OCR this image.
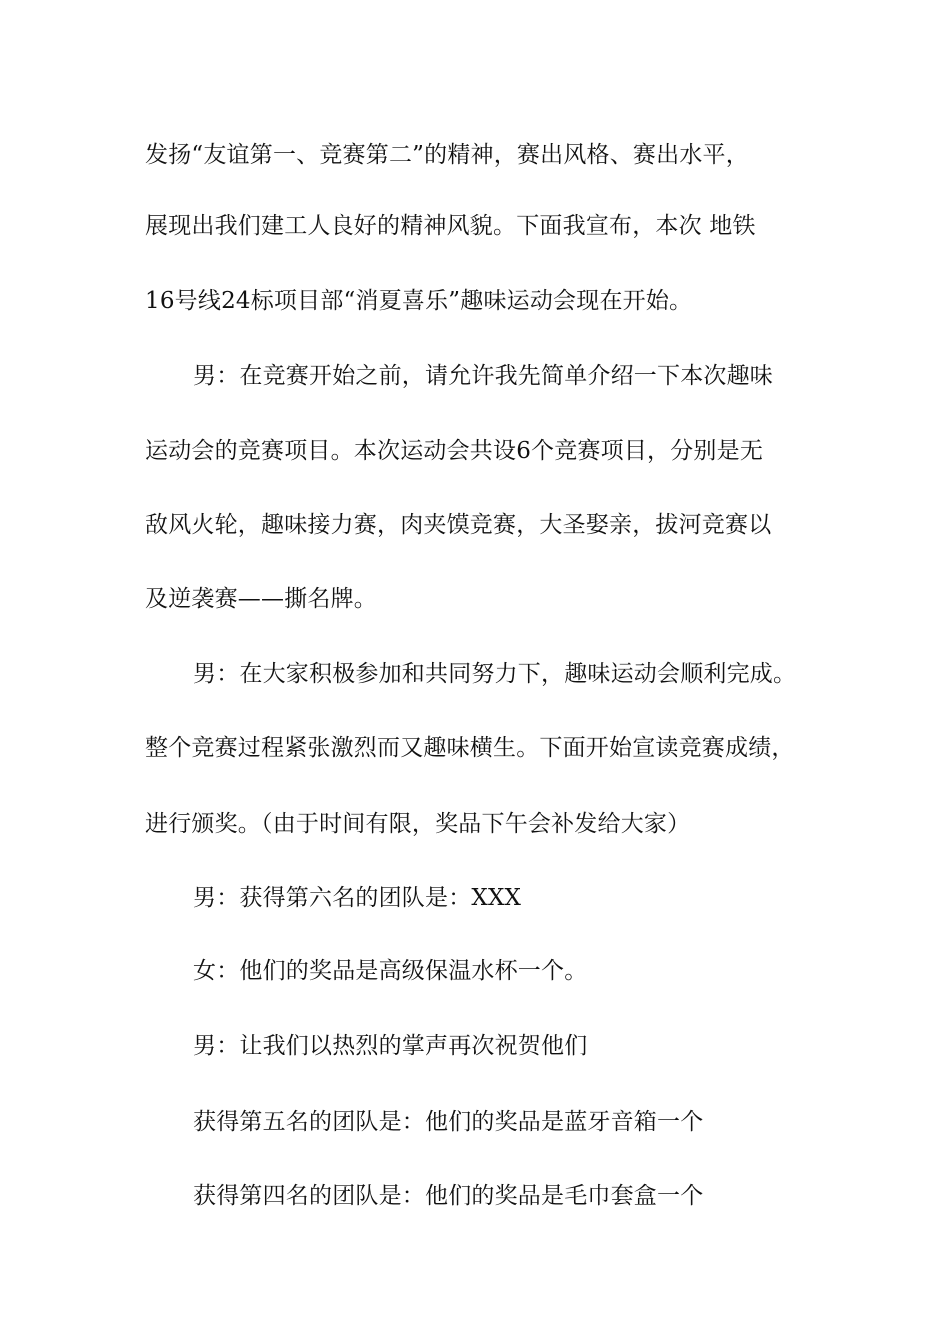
发扬“友谊第一、竞赛第二”的精神，赛出风格、赛出水平，
展现出我们建工人良好的精神风貌。下面我宣布，本次 地铁
16号线24标项目部“消夏喜乐”趣味运动会现在开始。
男：在竞赛开始之前，请允许我先简单介绍一下本次趣味
运动会的竞赛项目。本次运动会共设6个竞赛项目，分别是无
敌风火轮，趣味接力赛，肉夹馍竞赛，大圣娶亲，拔河竞赛以
及逆袭赛——撕名牌。
男：在大家积极参加和共同努力下，趣味运动会顺利完成。
整个竞赛过程紧张激烈而又趣味横生。下面开始宣读竞赛成绩，
进行颁奖。（由于时间有限，奖品下午会补发给大家）
男：获得第六名的团队是：XXX
女：他们的奖品是高级保温水杯一个。
男：让我们以热烈的掌声再次祝贺他们
获得第五名的团队是：他们的奖品是蓝牙音箱一个
获得第四名的团队是：他们的奖品是毛巾套盒一个
